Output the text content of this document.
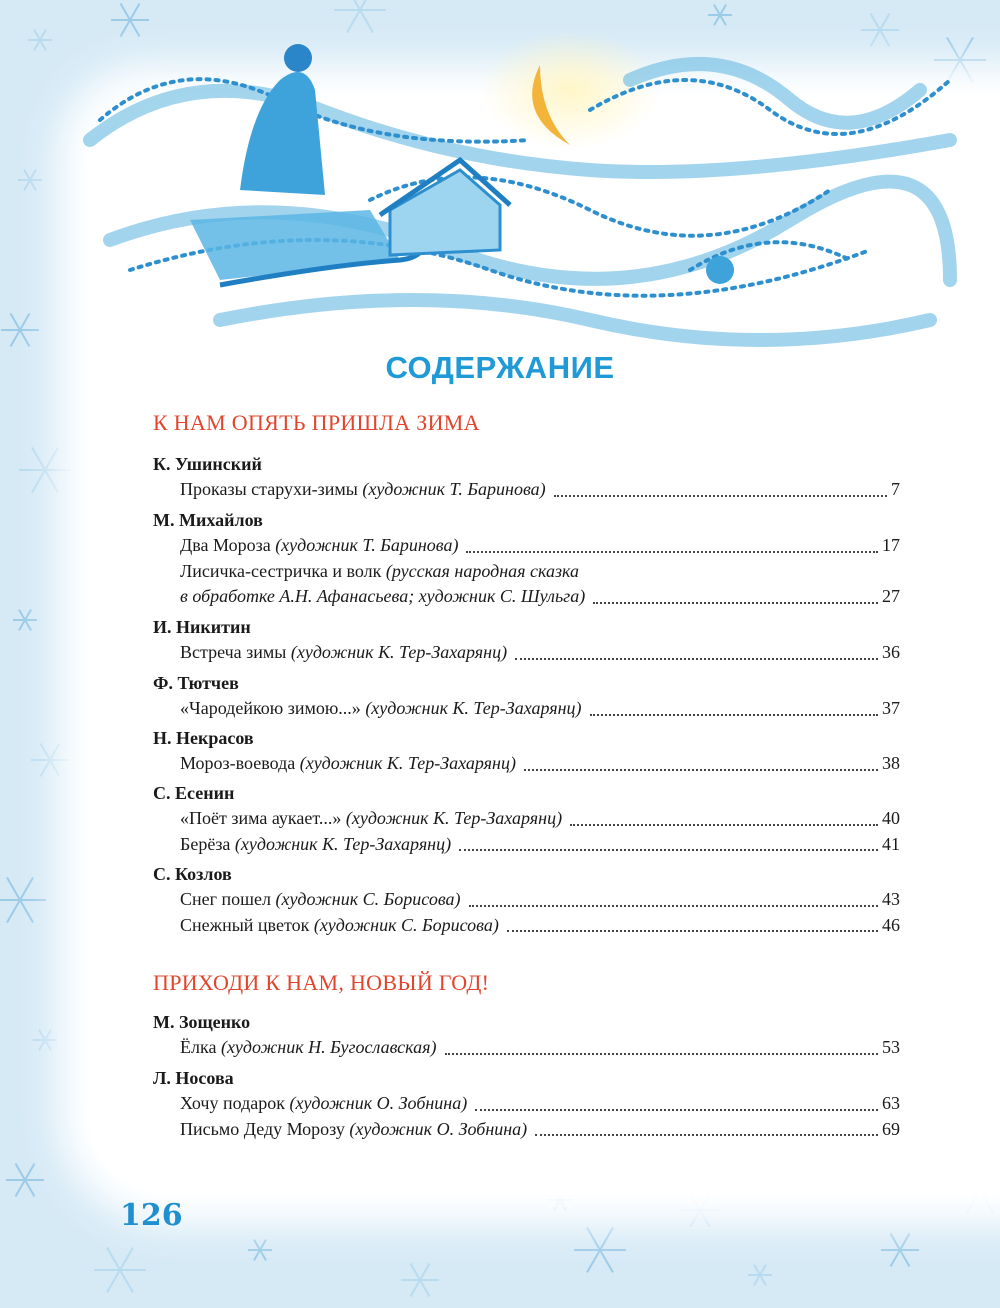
СОДЕРЖАНИЕ
К НАМ ОПЯТЬ ПРИШЛА ЗИМА
К. Ушинский
Проказы старухи-зимы (художник Т. Баринова)	7
М. Михайлов
Два Мороза (художник Т. Баринова)	17
Лисичка-сестричка и волк (русская народная сказка
в обработке А.Н. Афанасьева; художник С. Шульга)	27
И. Никитин
Встреча зимы (художник К. Тер-Захарянц)	36
Ф. Тютчев
«Чародейкою зимою...» (художник К. Тер-Захарянц)	37
Н. Некрасов
Мороз-воевода (художник К. Тер-Захарянц)	38
С. Есенин
«Поёт зима аукает...» (художник К. Тер-Захарянц)	40
Берёза (художник К. Тер-Захарянц)	41
С. Козлов
Снег пошел (художник С. Борисова)	43
Снежный цветок (художник С. Борисова)	46
ПРИХОДИ К НАМ, НОВЫЙ ГОД!
М. Зощенко
Ёлка (художник Н. Бугославская)	53
Л. Носова
Хочу подарок (художник О. Зобнина)	63
Письмо Деду Морозу (художник О. Зобнина)	69
126
